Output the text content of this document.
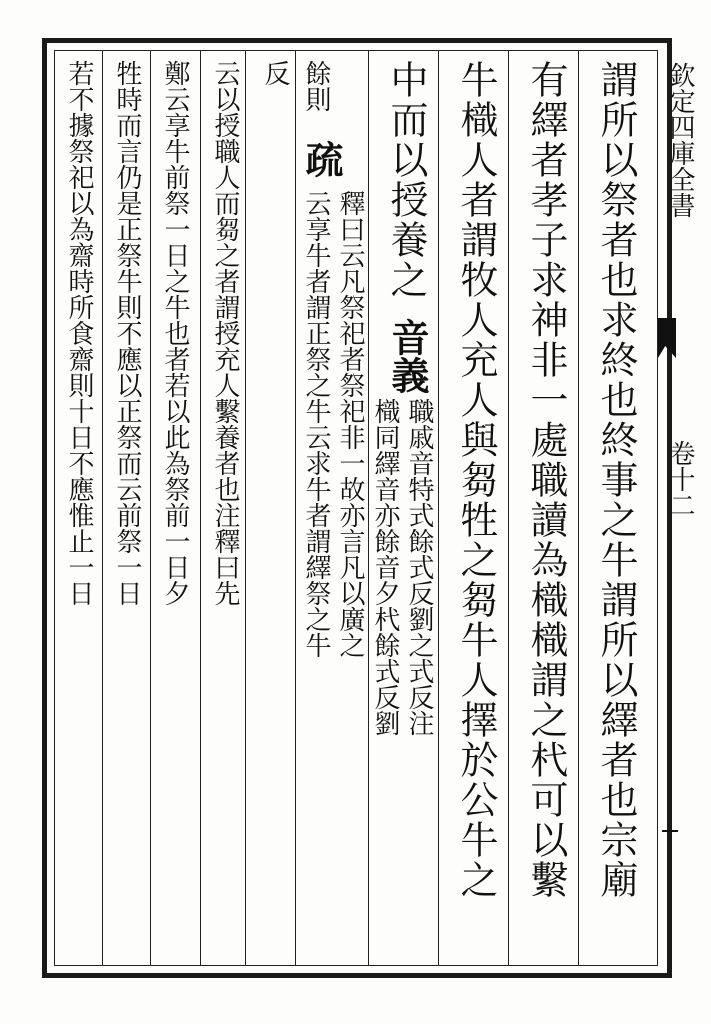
欽定四庫全書
卷十二
謂所以祭者也求終也終事之牛謂所以繹者也宗廟
有繹者孝子求神非一處職讀為樴樴謂之杙可以繫
牛樴人者謂牧人充人與芻牲之芻牛人擇於公牛之
中而以授養之
音義
樴同繹音亦餘音夕杙餘式反劉 職戚音特式餘式反劉之式反注
餘則
疏
云享牛者謂正祭之牛云求牛者謂繹祭之牛 釋曰云凡祭祀者祭祀非一故亦言凡以廣之
反
云以授職人而芻之者謂授充人繫養者也注釋曰先
鄭云享牛前祭一日之牛也者若以此為祭前一日夕
牲時而言仍是正祭牛則不應以正祭而云前祭一日
若不據祭祀以為齋時所食齋則十日不應惟止一日
